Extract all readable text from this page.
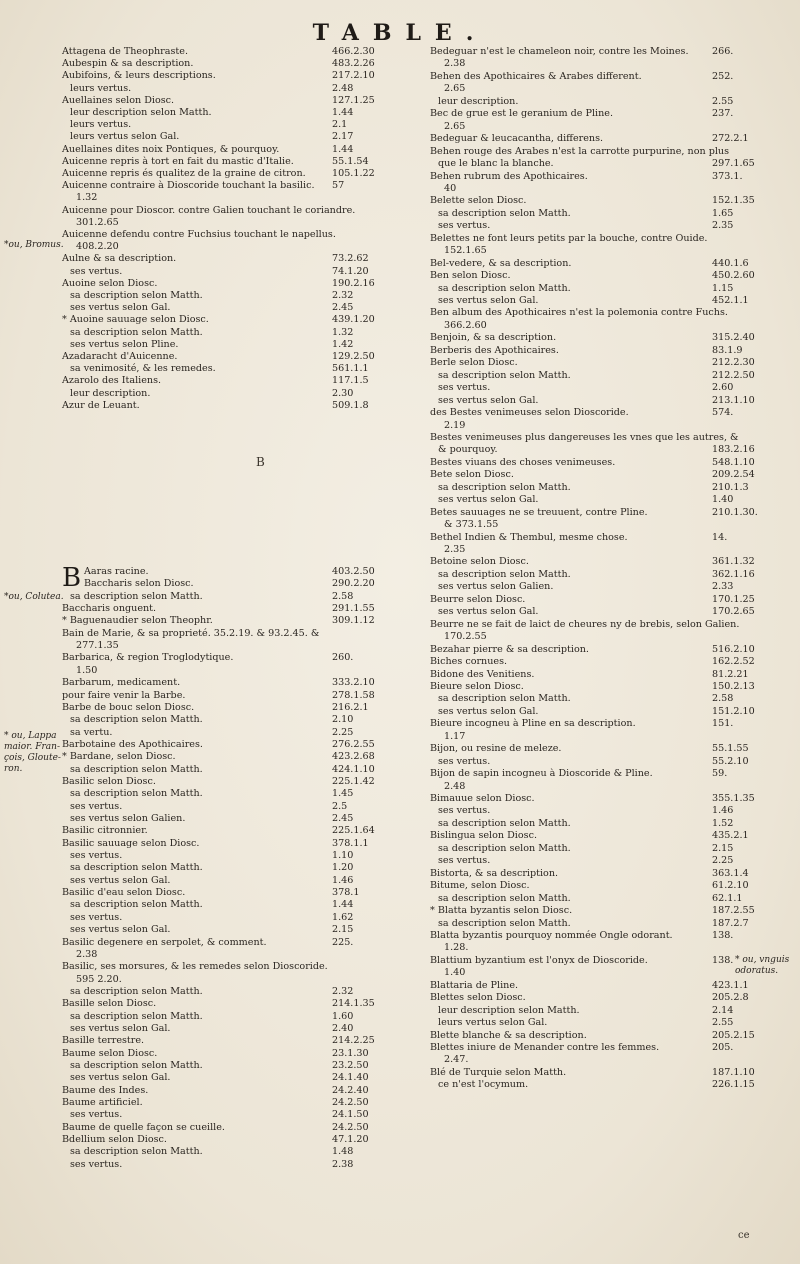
TABLE.
Attagena de Theophraste.	466.2.30
Aubespin & sa description.	483.2.26
Aubifoins, & leurs descriptions.	217.2.10
leurs vertus.	2.48
Auellaines selon Diosc.	127.1.25
leur description selon Matth.	1.44
leurs vertus.	2.1
leurs vertus selon Gal.	2.17
Auellaines dites noix Pontiques, & pourquoy.	1.44
Auicenne repris à tort en fait du mastic d'Italie.	55.1.54
Auicenne repris és qualitez de la graine de citron.	105.1.22
Auicenne contraire à Dioscoride touchant la basilic. 57
1.32
Auicenne pour Dioscor. contre Galien touchant le coriandre.
301.2.65
Auicenne defendu contre Fuchsius touchant le napellus.
408.2.20
Aulne & sa description.	73.2.62
ses vertus.	74.1.20
Auoine selon Diosc.	190.2.16
sa description selon Matth.	2.32
ses vertus selon Gal.	2.45
* Auoine sauuage selon Diosc.	439.1.20
sa description selon Matth.	1.32
ses vertus selon Pline.	1.42
Azadaracht d'Auicenne.	129.2.50
sa venimosité, & les remedes.	561.1.1
Azarolo des Italiens.	117.1.5
leur description.	2.30
Azur de Leuant.	509.1.8
B
B Aaras racine.	403.2.50
Baccharis selon Diosc.	290.2.20
sa description selon Matth.	2.58
Baccharis onguent.	291.1.55
* Baguenaudier selon Theophr.	309.1.12
Bain de Marie, & sa proprieté. 35.2.19. & 93.2.45. &
277.1.35
Barbarica, & region Troglodytique.	260.
1.50
Barbarum, medicament.	333.2.10
pour faire venir la Barbe.	278.1.58
Barbe de bouc selon Diosc.	216.2.1
sa description selon Matth.	2.10
sa vertu.	2.25
Barbotaine des Apothicaires.	276.2.55
* Bardane, selon Diosc.	423.2.68
sa description selon Matth.	424.1.10
Basilic selon Diosc.	225.1.42
sa description selon Matth.	1.45
ses vertus.	2.5
ses vertus selon Galien.	2.45
Basilic citronnier.	225.1.64
Basilic sauuage selon Diosc.	378.1.1
ses vertus.	1.10
sa description selon Matth.	1.20
ses vertus selon Gal.	1.46
Basilic d'eau selon Diosc.	378.1
sa description selon Matth.	1.44
ses vertus.	1.62
ses vertus selon Gal.	2.15
Basilic degenere en serpolet, & comment.	225.
2.38
Basilic, ses morsures, & les remedes selon Dioscoride.
595 2.20.
sa description selon Matth.	2.32
Basille selon Diosc.	214.1.35
sa description selon Matth.	1.60
ses vertus selon Gal.	2.40
Basille terrestre.	214.2.25
Baume selon Diosc.	23.1.30
sa description selon Matth.	23.2.50
ses vertus selon Gal.	24.1.40
Baume des Indes.	24.2.40
Baume artificiel.	24.2.50
ses vertus.	24.1.50
Baume de quelle façon se cueille.	24.2.50
Bdellium selon Diosc.	47.1.20
sa description selon Matth.	1.48
ses vertus.	2.38
Bedeguar n'est le chameleon noir, contre les Moines. 266.
2.38
Behen des Apothicaires & Arabes different.	252.
2.65
leur description.	2.55
Bec de grue est le geranium de Pline.	237.
2.65
Bedeguar & leucacantha, differens.	272.2.1
Behen rouge des Arabes n'est la carrotte purpurine, non plus
que le blanc la blanche.	297.1.65
Behen rubrum des Apothicaires.	373.1.
40
Belette selon Diosc.	152.1.35
sa description selon Matth.	1.65
ses vertus.	2.35
Belettes ne font leurs petits par la bouche, contre Ouide.
152.1.65
Bel-vedere, & sa description.	440.1.6
Ben selon Diosc.	450.2.60
sa description selon Matth.	1.15
ses vertus selon Gal.	452.1.1
Ben album des Apothicaires n'est la polemonia contre Fuchs.
366.2.60
Benjoin, & sa description.	315.2.40
Berberis des Apothicaires.	83.1.9
Berle selon Diosc.	212.2.30
sa description selon Matth.	212.2.50
ses vertus.	2.60
ses vertus selon Gal.	213.1.10
des Bestes venimeuses selon Dioscoride.	574.
2.19
Bestes venimeuses plus dangereuses les vnes que les autres, &
& pourquoy.	183.2.16
Bestes viuans des choses venimeuses.	548.1.10
Bete selon Diosc.	209.2.54
sa description selon Matth.	210.1.3
ses vertus selon Gal.	1.40
Betes sauuages ne se treuuent, contre Pline.	210.1.30.
& 373.1.55
Bethel Indien & Thembul, mesme chose.	14.
2.35
Betoine selon Diosc.	361.1.32
sa description selon Matth.	362.1.16
ses vertus selon Galien.	2.33
Beurre selon Diosc.	170.1.25
ses vertus selon Gal.	170.2.65
Beurre ne se fait de laict de cheures ny de brebis, selon Galien.
170.2.55
Bezahar pierre & sa description.	516.2.10
Biches cornues.	162.2.52
Bidone des Venitiens.	81.2.21
Bieure selon Diosc.	150.2.13
sa description selon Matth.	2.58
ses vertus selon Gal.	151.2.10
Bieure incogneu à Pline en sa description.	151.
1.17
Bijon, ou resine de meleze.	55.1.55
ses vertus.	55.2.10
Bijon de sapin incogneu à Dioscoride & Pline.	59.
2.48
Bimauue selon Diosc.	355.1.35
ses vertus.	1.46
sa description selon Matth.	1.52
Bislingua selon Diosc.	435.2.1
sa description selon Matth.	2.15
ses vertus.	2.25
Bistorta, & sa description.	363.1.4
Bitume, selon Diosc.	61.2.10
sa description selon Matth.	62.1.1
* Blatta byzantis selon Diosc.	187.2.55
sa description selon Matth.	187.2.7
Blatta byzantis pourquoy nommée Ongle odorant.	138.
1.28.
Blattium byzantium est l'onyx de Dioscoride.	138.
1.40
Blattaria de Pline.	423.1.1
Blettes selon Diosc.	205.2.8
leur description selon Matth.	2.14
leurs vertus selon Gal.	2.55
Blette blanche & sa description.	205.2.15
Blettes iniure de Menander contre les femmes.	205.
2.47.
Blé de Turquie selon Matth.	187.1.10
ce n'est l'ocymum.	226.1.15
*ou, Bromus.
*ou, Colutea.
* ou, Lappa
maior. Fran-
çois, Gloute-
ron.
* ou, vnguis
odoratus.
ce
